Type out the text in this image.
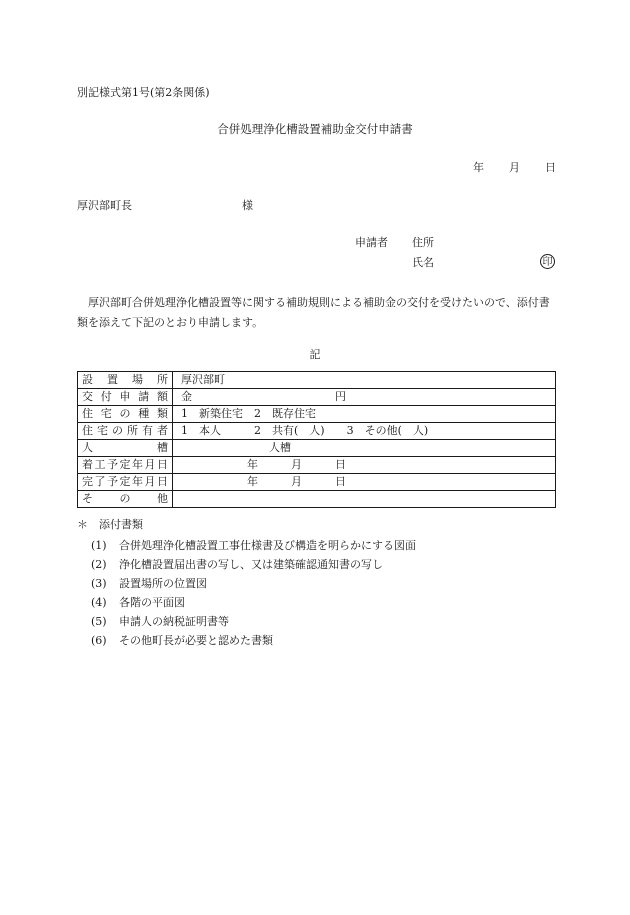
別記様式第1号(第2条関係)
合併処理浄化槽設置補助金交付申請書
年 月 日
厚沢部町長	様
申請者 住所
氏名	印
厚沢部町合併処理浄化槽設置等に関する補助規則による補助金の交付を受けたいので、添付書類を添えて下記のとおり申請します。
記
設置場所	厚沢部町
交付申請額	金　　　　　　　　　　　　　円
住宅の種類	1　新築住宅　2　既存住宅
住宅の所有者	1　本人　　　2　共有(　人)　　3　その他(　人)
人槽	　　　　　　　　人槽
着工予定年月日	　　　　　　年　　　月　　　日
完了予定年月日	　　　　　　年　　　月　　　日
その他	
＊　添付書類
(1) 合併処理浄化槽設置工事仕様書及び構造を明らかにする図面
(2) 浄化槽設置届出書の写し、又は建築確認通知書の写し
(3) 設置場所の位置図
(4) 各階の平面図
(5) 申請人の納税証明書等
(6) その他町長が必要と認めた書類
